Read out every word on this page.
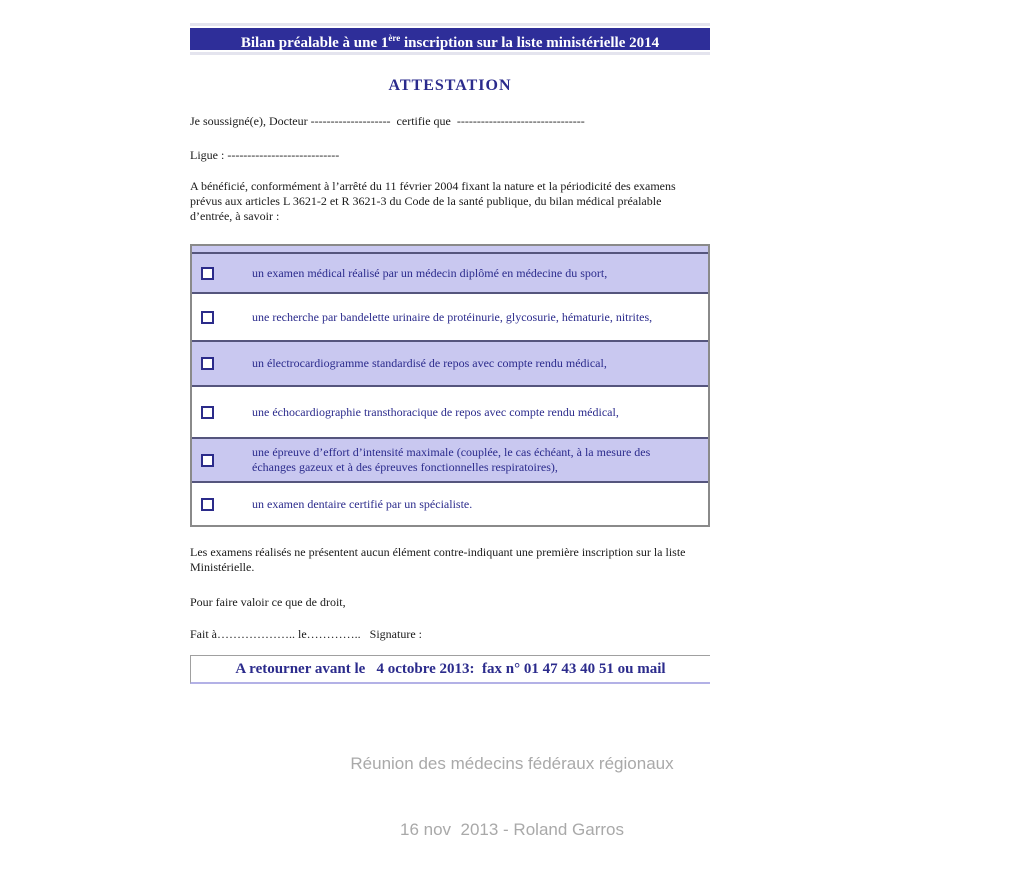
Bilan préalable à une 1ère inscription sur la liste ministérielle 2014
ATTESTATION
Je soussigné(e), Docteur --------------------  certifie que  --------------------------------
Ligue : ----------------------------
A bénéficié, conformément à l’arrêté du 11 février 2004 fixant la nature et la périodicité des examens prévus aux articles L 3621-2 et R 3621-3 du Code de la santé publique, du bilan médical préalable d’entrée, à savoir :
un examen médical réalisé par un médecin diplômé en médecine du sport,
une recherche par bandelette urinaire de protéinurie, glycosurie, hématurie, nitrites,
un électrocardiogramme standardisé de repos avec compte rendu médical,
une échocardiographie transthoracique de repos avec compte rendu médical,
une épreuve d’effort d’intensité maximale (couplée, le cas échéant, à la mesure des échanges gazeux et à des épreuves fonctionnelles respiratoires),
un examen dentaire certifié par un spécialiste.
Les examens réalisés ne présentent aucun élément contre-indiquant une première inscription sur la liste Ministérielle.
Pour faire valoir ce que de droit,
Fait à……………….. le…………..   Signature :
A retourner avant le   4 octobre 2013:  fax n° 01 47 43 40 51 ou mail

Réunion des médecins fédéraux régionaux

16 nov  2013 - Roland Garros
